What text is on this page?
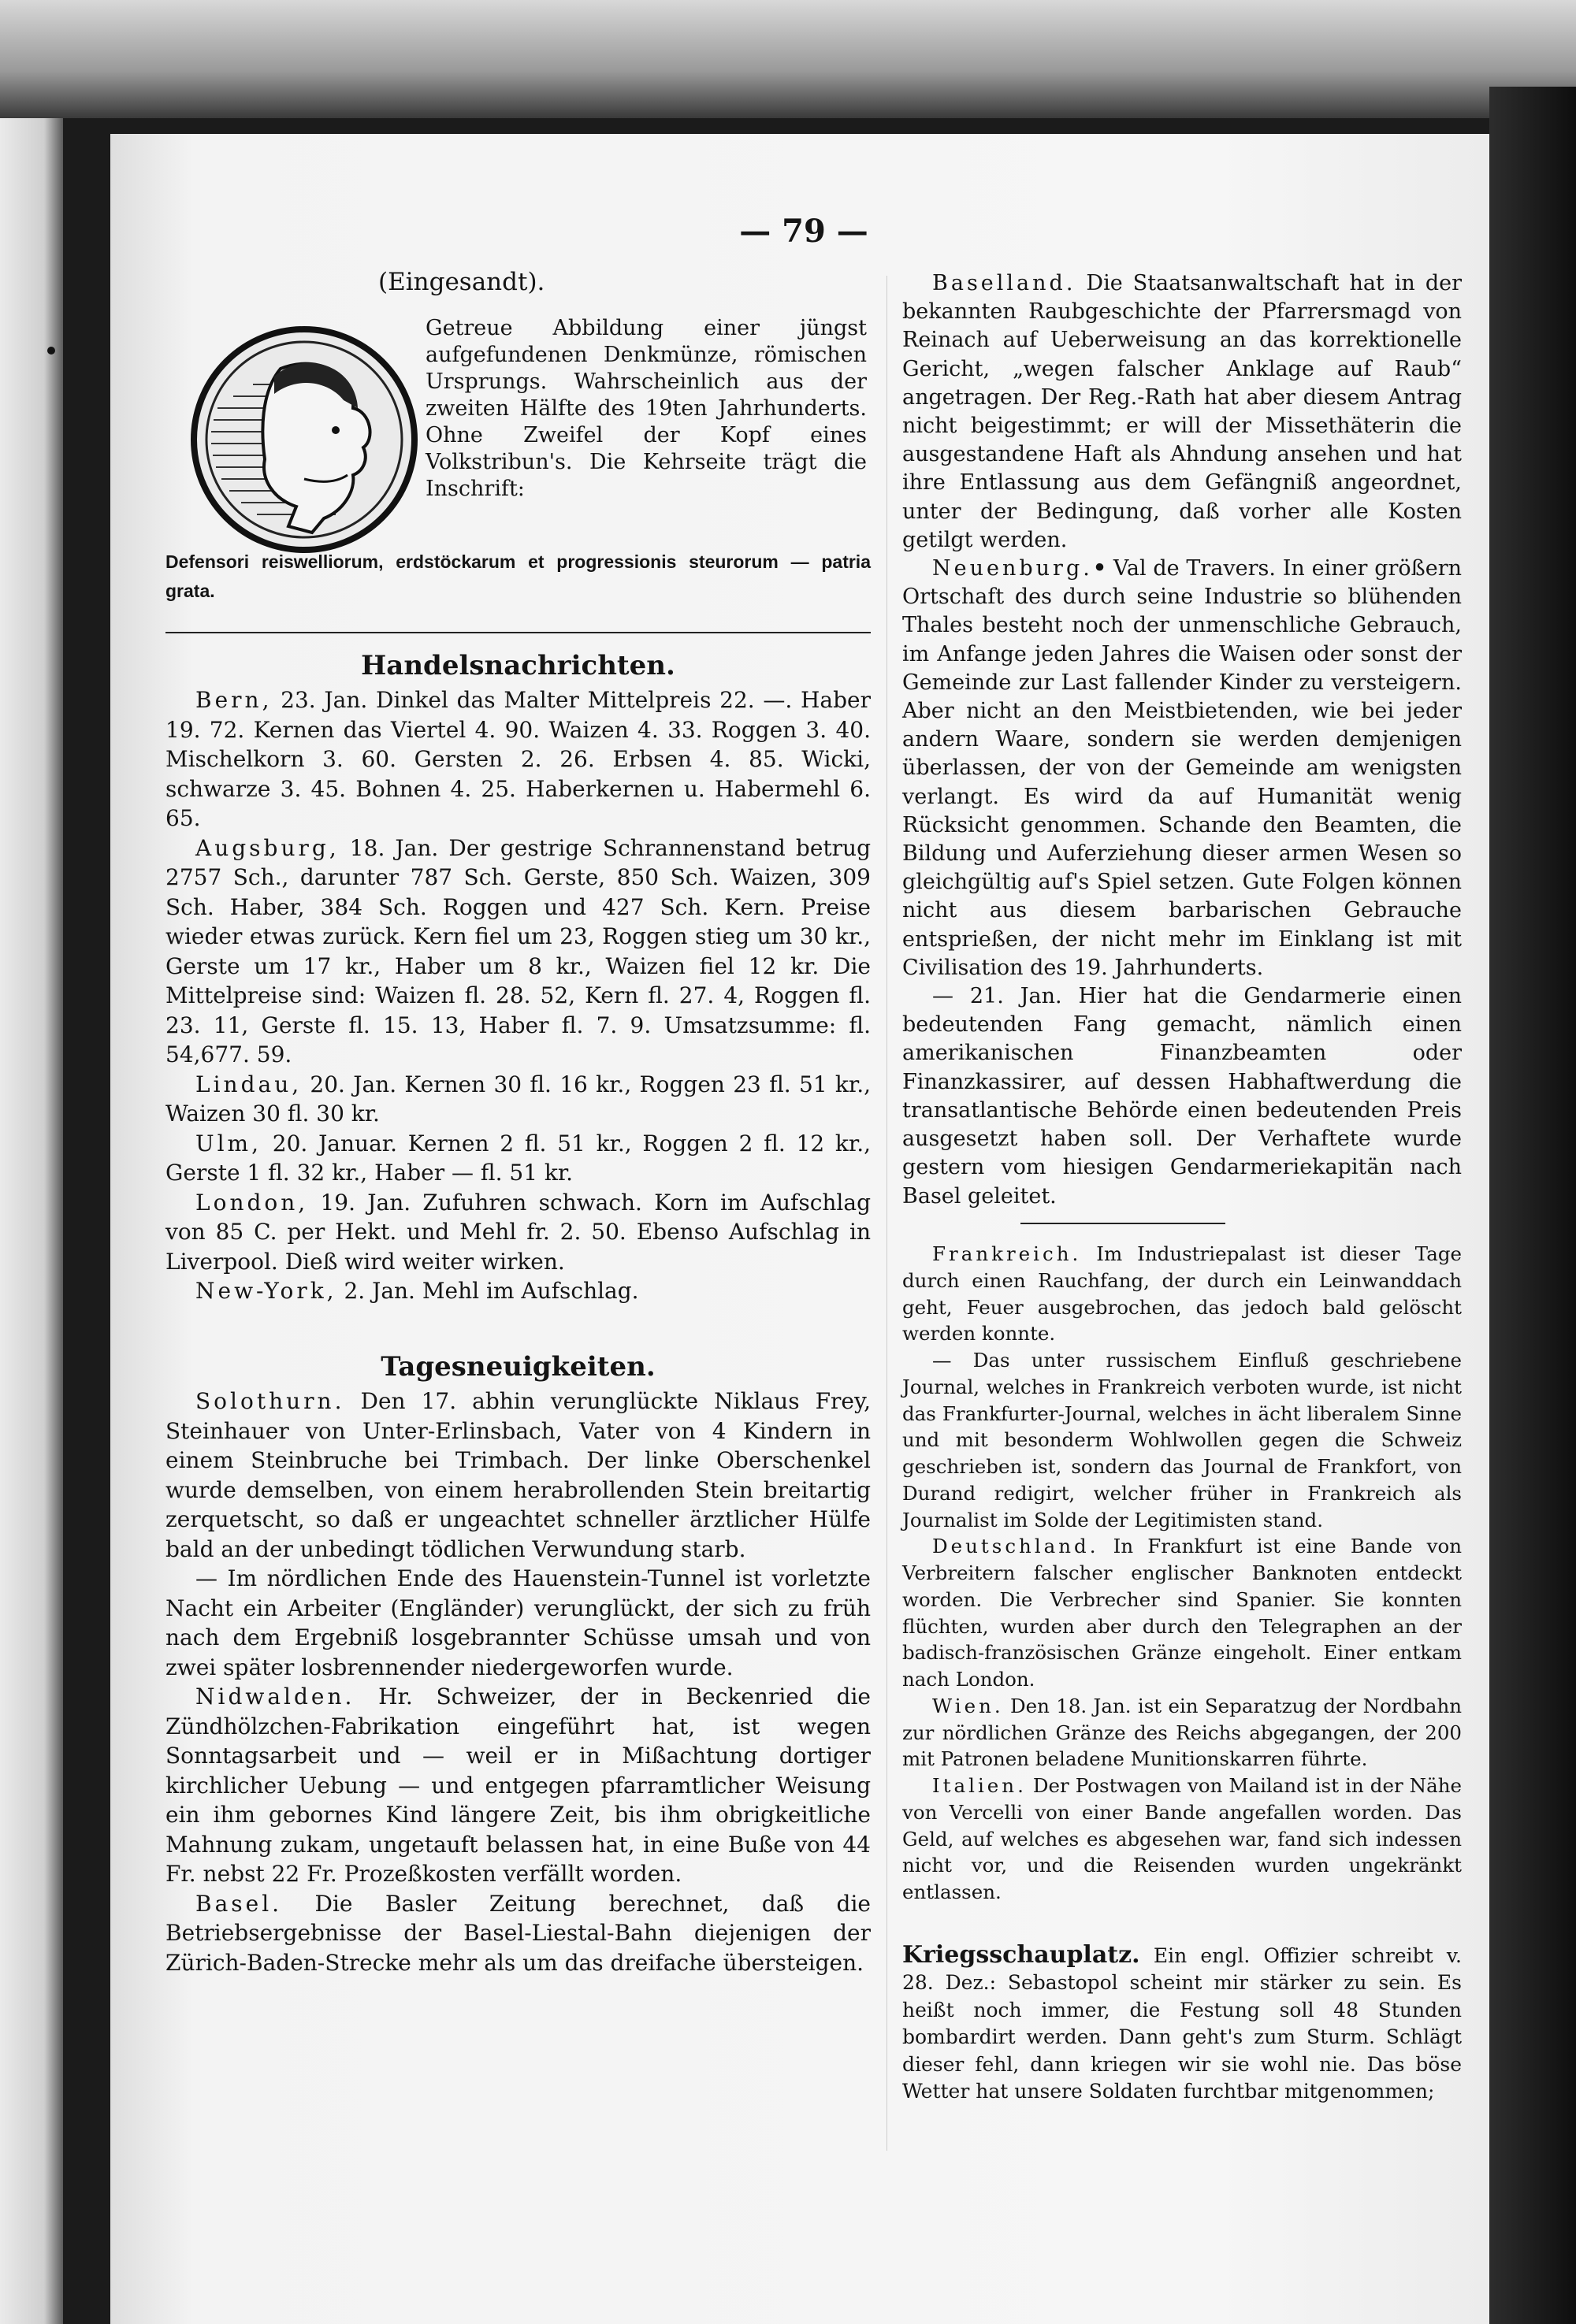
— 79 —
(Eingesandt).

Getreue Abbildung einer jüngst aufgefundenen Denkmünze, römischen Ursprungs. Wahrscheinlich aus der zweiten Hälfte des 19ten Jahrhunderts. Ohne Zweifel der Kopf eines Volkstribun's. Die Kehrseite trägt die Inschrift:

Defensori reiswelliorum, erdstöckarum et progressionis steurorum — patria grata.

Handelsnachrichten.
Bern, 23. Jan. Dinkel das Malter Mittelpreis 22. —. Haber 19. 72. Kernen das Viertel 4. 90. Waizen 4. 33. Roggen 3. 40. Mischelkorn 3. 60. Gersten 2. 26. Erbsen 4. 85. Wicki, schwarze 3. 45. Bohnen 4. 25. Haberkernen u. Habermehl 6. 65.
Augsburg, 18. Jan. Der gestrige Schrannenstand betrug 2757 Sch., darunter 787 Sch. Gerste, 850 Sch. Waizen, 309 Sch. Haber, 384 Sch. Roggen und 427 Sch. Kern. Preise wieder etwas zurück. Kern fiel um 23, Roggen stieg um 30 kr., Gerste um 17 kr., Haber um 8 kr., Waizen fiel 12 kr. Die Mittelpreise sind: Waizen fl. 28. 52, Kern fl. 27. 4, Roggen fl. 23. 11, Gerste fl. 15. 13, Haber fl. 7. 9. Umsatzsumme: fl. 54,677. 59.
Lindau, 20. Jan. Kernen 30 fl. 16 kr., Roggen 23 fl. 51 kr., Waizen 30 fl. 30 kr.
Ulm, 20. Januar. Kernen 2 fl. 51 kr., Roggen 2 fl. 12 kr., Gerste 1 fl. 32 kr., Haber — fl. 51 kr.
London, 19. Jan. Zufuhren schwach. Korn im Aufschlag von 85 C. per Hekt. und Mehl fr. 2. 50. Ebenso Aufschlag in Liverpool. Dieß wird weiter wirken.
New-York, 2. Jan. Mehl im Aufschlag.
Tagesneuigkeiten.
Solothurn. Den 17. abhin verunglückte Niklaus Frey, Steinhauer von Unter-Erlinsbach, Vater von 4 Kindern in einem Steinbruche bei Trimbach. Der linke Oberschenkel wurde demselben, von einem herabrollenden Stein breitartig zerquetscht, so daß er ungeachtet schneller ärztlicher Hülfe bald an der unbedingt tödlichen Verwundung starb.
— Im nördlichen Ende des Hauenstein-Tunnel ist vorletzte Nacht ein Arbeiter (Engländer) verunglückt, der sich zu früh nach dem Ergebniß losgebrannter Schüsse umsah und von zwei später losbrennender niedergeworfen wurde.
Nidwalden. Hr. Schweizer, der in Beckenried die Zündhölzchen-Fabrikation eingeführt hat, ist wegen Sonntagsarbeit und — weil er in Mißachtung dortiger kirchlicher Uebung — und entgegen pfarramtlicher Weisung ein ihm gebornes Kind längere Zeit, bis ihm obrigkeitliche Mahnung zukam, ungetauft belassen hat, in eine Buße von 44 Fr. nebst 22 Fr. Prozeßkosten verfällt worden.
Basel. Die Basler Zeitung berechnet, daß die Betriebsergebnisse der Basel-Liestal-Bahn diejenigen der Zürich-Baden-Strecke mehr als um das dreifache übersteigen.
Baselland. Die Staatsanwaltschaft hat in der bekannten Raubgeschichte der Pfarrersmagd von Reinach auf Ueberweisung an das korrektionelle Gericht, „wegen falscher Anklage auf Raub“ angetragen. Der Reg.-Rath hat aber diesem Antrag nicht beigestimmt; er will der Missethäterin die ausgestandene Haft als Ahndung ansehen und hat ihre Entlassung aus dem Gefängniß angeordnet, unter der Bedingung, daß vorher alle Kosten getilgt werden.
Neuenburg.• Val de Travers. In einer größern Ortschaft des durch seine Industrie so blühenden Thales besteht noch der unmenschliche Gebrauch, im Anfange jeden Jahres die Waisen oder sonst der Gemeinde zur Last fallender Kinder zu versteigern. Aber nicht an den Meistbietenden, wie bei jeder andern Waare, sondern sie werden demjenigen überlassen, der von der Gemeinde am wenigsten verlangt. Es wird da auf Humanität wenig Rücksicht genommen. Schande den Beamten, die Bildung und Auferziehung dieser armen Wesen so gleichgültig auf's Spiel setzen. Gute Folgen können nicht aus diesem barbarischen Gebrauche entsprießen, der nicht mehr im Einklang ist mit Civilisation des 19. Jahrhunderts.
— 21. Jan. Hier hat die Gendarmerie einen bedeutenden Fang gemacht, nämlich einen amerikanischen Finanzbeamten oder Finanzkassirer, auf dessen Habhaftwerdung die transatlantische Behörde einen bedeutenden Preis ausgesetzt haben soll. Der Verhaftete wurde gestern vom hiesigen Gendarmeriekapitän nach Basel geleitet.
Frankreich. Im Industriepalast ist dieser Tage durch einen Rauchfang, der durch ein Leinwanddach geht, Feuer ausgebrochen, das jedoch bald gelöscht werden konnte.
— Das unter russischem Einfluß geschriebene Journal, welches in Frankreich verboten wurde, ist nicht das Frankfurter-Journal, welches in ächt liberalem Sinne und mit besonderm Wohlwollen gegen die Schweiz geschrieben ist, sondern das Journal de Frankfort, von Durand redigirt, welcher früher in Frankreich als Journalist im Solde der Legitimisten stand.
Deutschland. In Frankfurt ist eine Bande von Verbreitern falscher englischer Banknoten entdeckt worden. Die Verbrecher sind Spanier. Sie konnten flüchten, wurden aber durch den Telegraphen an der badisch-französischen Gränze eingeholt. Einer entkam nach London.
Wien. Den 18. Jan. ist ein Separatzug der Nordbahn zur nördlichen Gränze des Reichs abgegangen, der 200 mit Patronen beladene Munitionskarren führte.
Italien. Der Postwagen von Mailand ist in der Nähe von Vercelli von einer Bande angefallen worden. Das Geld, auf welches es abgesehen war, fand sich indessen nicht vor, und die Reisenden wurden ungekränkt entlassen.
Kriegsschauplatz. Ein engl. Offizier schreibt v. 28. Dez.: Sebastopol scheint mir stärker zu sein. Es heißt noch immer, die Festung soll 48 Stunden bombardirt werden. Dann geht's zum Sturm. Schlägt dieser fehl, dann kriegen wir sie wohl nie. Das böse Wetter hat unsere Soldaten furchtbar mitgenommen;
